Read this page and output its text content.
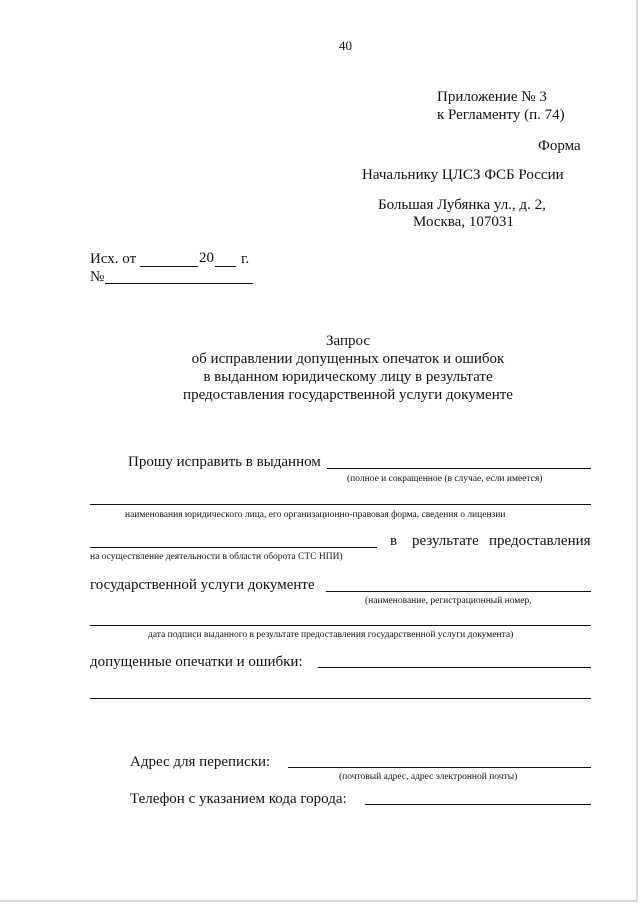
40
Приложение № 3
к Регламенту (п. 74)
Форма
Начальнику ЦЛСЗ ФСБ России
Большая Лубянка ул., д. 2,
Москва, 107031
Исх. от	20 г.
№
Запрос
об исправлении допущенных опечаток и ошибок
в выданном юридическому лицу в результате
предоставления государственной услуги документе
Прошу исправить в выданном
(полное и сокращенное (в случае, если имеется)
наименования юридического лица, его организационно-правовая форма, сведения о лицензии
в результате предоставления
на осуществление деятельности в области оборота СТС НПИ)
государственной услуги документе
(наименование, регистрационный номер,
дата подписи выданного в результате предоставления государственной услуги документа)
допущенные опечатки и ошибки:
Адрес для переписки:
(почтовый адрес, адрес электронной почты)
Телефон с указанием кода города:
